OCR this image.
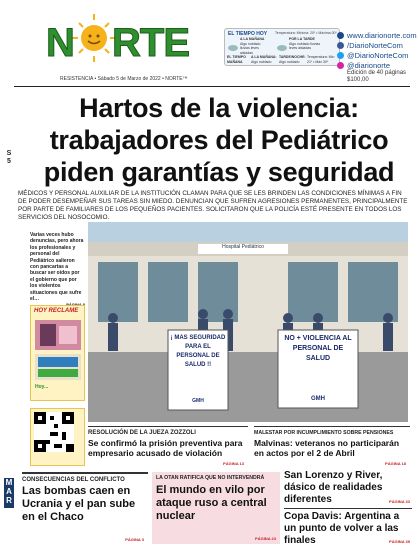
N RTE	EL TIEMPO HOY Temperatura: Mínima: 20º • Máxima:30º
A LA MAÑANA
Algo nublado lluvias leves aisladas
POR LA TARDE
Algo nublado lluvias leves aisladas
EL TIEMPO MAÑANA
A LA MAÑANA:
Algo nublado
TARDE/NOCHE:
Algo nublado
Temperatura: Mín 21º • Máx 30º
www.diarionorte.com
/DiarioNorteCom
@DiarioNorteCom
@diarionorte
RESISTENCIA • Sábado 5 de Marzo de 2022 • NORTE™
Edición de 40 páginas
$100,00
S
5
Hartos de la violencia: trabajadores del Pediátrico piden garantías y seguridad
MÉDICOS Y PERSONAL AUXILIAR DE LA INSTITUCIÓN CLAMAN PARA QUE SE LES BRINDEN LAS CONDICIONES MÍNIMAS A FIN DE PODER DESEMPEÑAR SUS TAREAS SIN MIEDO. DENUNCIAN QUE SUFREN AGRESIONES PERMANENTES, PRINCIPALMENTE POR PARTE DE FAMILIARES DE LOS PEQUEÑOS PACIENTES. SOLICITARON QUE LA POLICÍA ESTÉ PRESENTE EN TODOS LOS SERVICIOS DEL NOSOCOMIO.
Varias veces hubo denuncias, pero ahora los profesionales y personal del Pediátrico salieron con pancartas a buscar ser oídos por el gobierno que por los violentos situaciones que sufre el…
HOY RECLAME
Hoy...
Hospital Pediátrico
¡ MAS SEGURIDAD PARA EL PERSONAL DE SALUD !!
GMH
NO + VIOLENCIA AL PERSONAL DE SALUD
GMH
RESOLUCIÓN DE LA JUEZA ZOZZOLI
Se confirmó la prisión preventiva para empresario acusado de violación
PÁGINA 13
MALESTAR POR INCUMPLIMIENTO SOBRE PENSIONES
Malvinas: veteranos no participarán en actos por el 2 de Abril
PÁGINA 18
M
A
R
CONSECUENCIAS DEL CONFLICTO
Las bombas caen en Ucrania y el pan sube en el Chaco
PÁGINA 3
LA OTAN RATIFICA QUE NO INTERVENDRÁ
El mundo en vilo por ataque ruso a central nuclear
PÁGINA 23
San Lorenzo y River, dásico de realidades diferentes	PÁGINA 33
Copa Davis: Argentina a un punto de volver a las finales	PÁGINA 35
